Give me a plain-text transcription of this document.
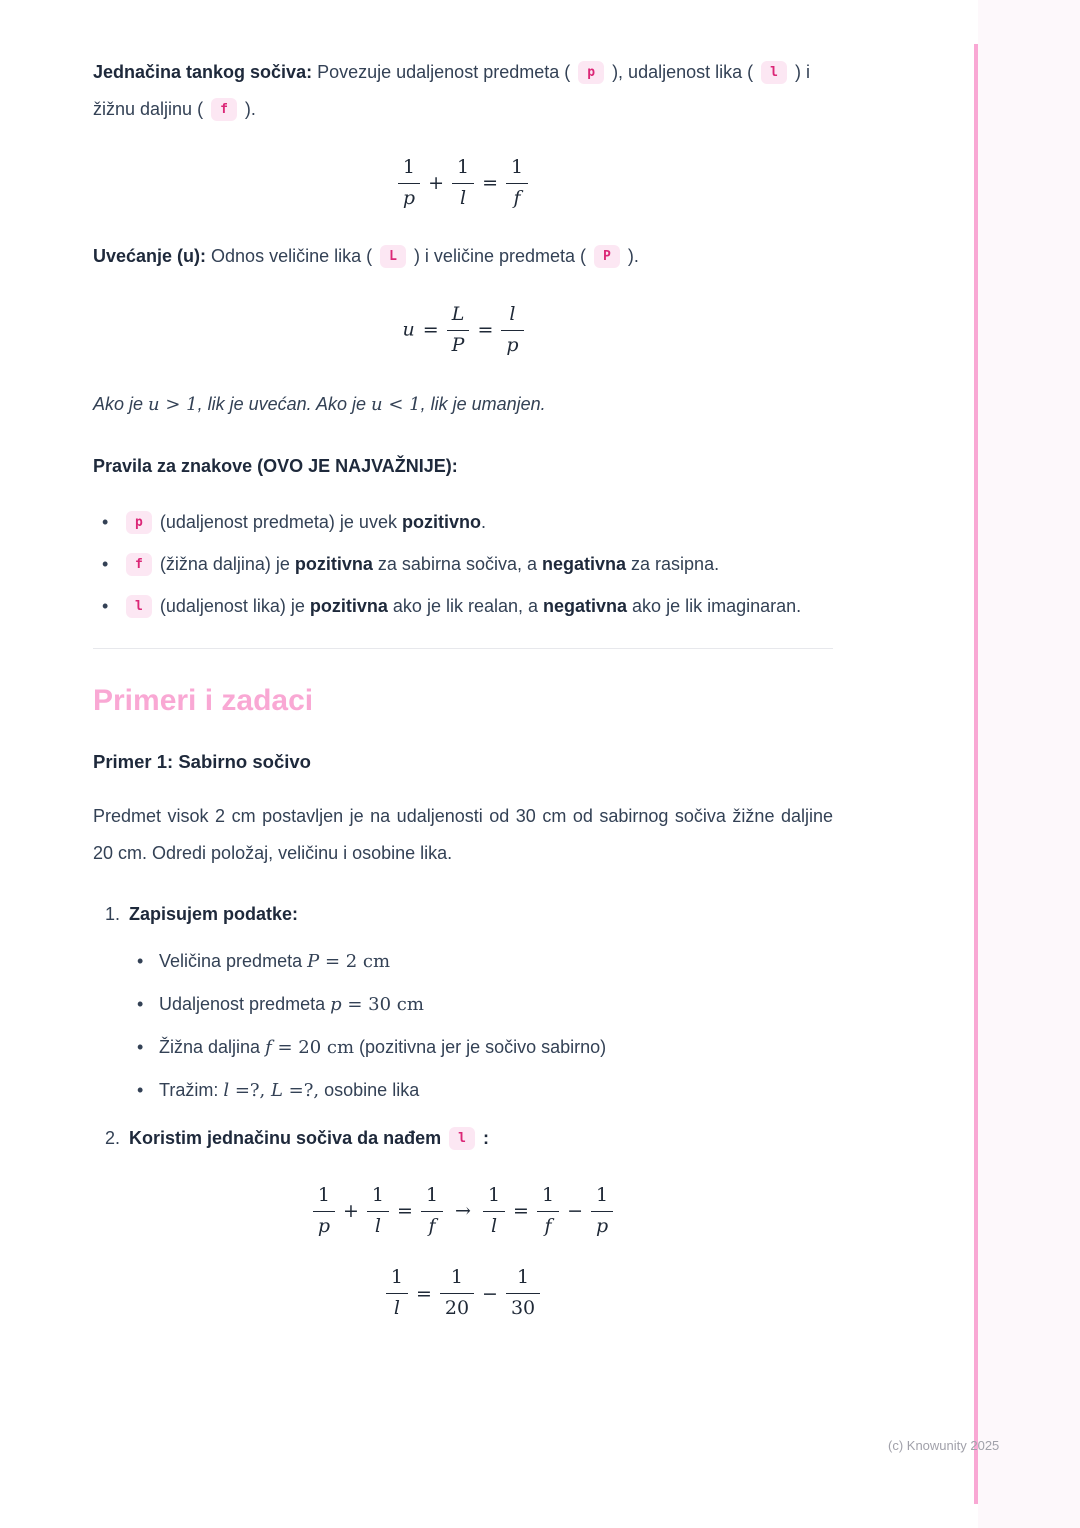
Jednačina tankog sočiva: Povezuje udaljenost predmeta ( p ), udaljenost lika ( l ) i žižnu daljinu ( f ).

$\frac{1}{p} + \frac{1}{l} = \frac{1}{f}$

Uvećanje (u): Odnos veličine lika ( L ) i veličine predmeta ( P ).

$u = \frac{L}{P} = \frac{l}{p}$

Ako je u > 1, lik je uvećan. Ako je u < 1, lik je umanjen.

Pravila za znakove (OVO JE NAJVAŽNIJE):

• p (udaljenost predmeta) je uvek pozitivno.
• f (žižna daljina) je pozitivna za sabirna sočiva, a negativna za rasipna.
• l (udaljenost lika) je pozitivna ako je lik realan, a negativna ako je lik imaginaran.
Primeri i zadaci
Primer 1: Sabirno sočivo

Predmet visok 2 cm postavljen je na udaljenosti od 30 cm od sabirnog sočiva žižne daljine 20 cm. Odredi položaj, veličinu i osobine lika.

1. Zapisujem podatke:
• Veličina predmeta P = 2 cm
• Udaljenost predmeta p = 30 cm
• Žižna daljina f = 20 cm (pozitivna jer je sočivo sabirno)
• Tražim: l =?, L =?, osobine lika
2. Koristim jednačinu sočiva da nađem l :
$\frac{1}{p} + \frac{1}{l} = \frac{1}{f} \to \frac{1}{l} = \frac{1}{f} - \frac{1}{p}$
$\frac{1}{l} = \frac{1}{20} - \frac{1}{30}$
(c) Knowunity 2025
